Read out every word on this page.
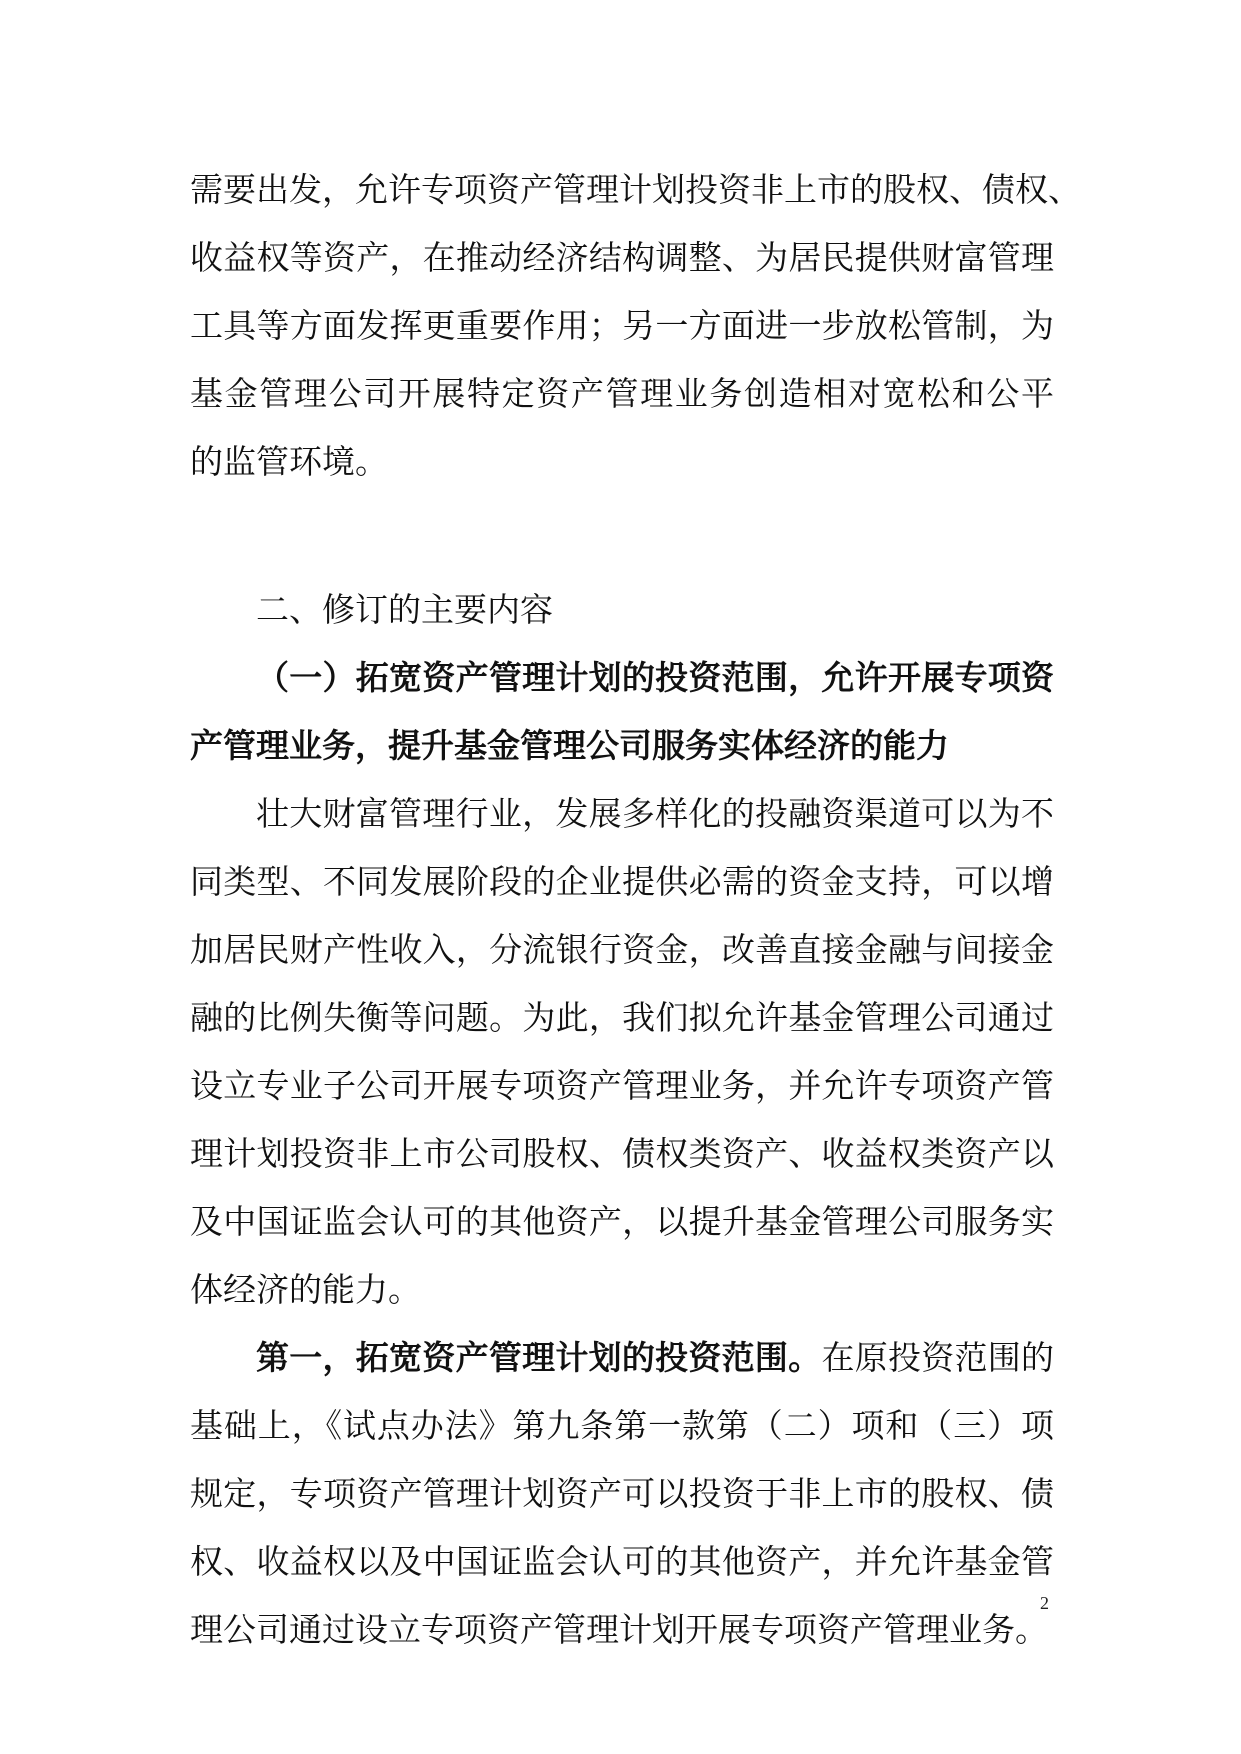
需要出发，允许专项资产管理计划投资非上市的股权、债权、
收益权等资产，在推动经济结构调整、为居民提供财富管理
工具等方面发挥更重要作用；另一方面进一步放松管制，为
基金管理公司开展特定资产管理业务创造相对宽松和公平
的监管环境。
二、修订的主要内容
（一）拓宽资产管理计划的投资范围，允许开展专项资
产管理业务，提升基金管理公司服务实体经济的能力
壮大财富管理行业，发展多样化的投融资渠道可以为不
同类型、不同发展阶段的企业提供必需的资金支持，可以增
加居民财产性收入，分流银行资金，改善直接金融与间接金
融的比例失衡等问题。为此，我们拟允许基金管理公司通过
设立专业子公司开展专项资产管理业务，并允许专项资产管
理计划投资非上市公司股权、债权类资产、收益权类资产以
及中国证监会认可的其他资产，以提升基金管理公司服务实
体经济的能力。
第一，拓宽资产管理计划的投资范围。在原投资范围的
基础上，《试点办法》第九条第一款第（二）项和（三）项
规定，专项资产管理计划资产可以投资于非上市的股权、债
权、收益权以及中国证监会认可的其他资产，并允许基金管
理公司通过设立专项资产管理计划开展专项资产管理业务。
2
